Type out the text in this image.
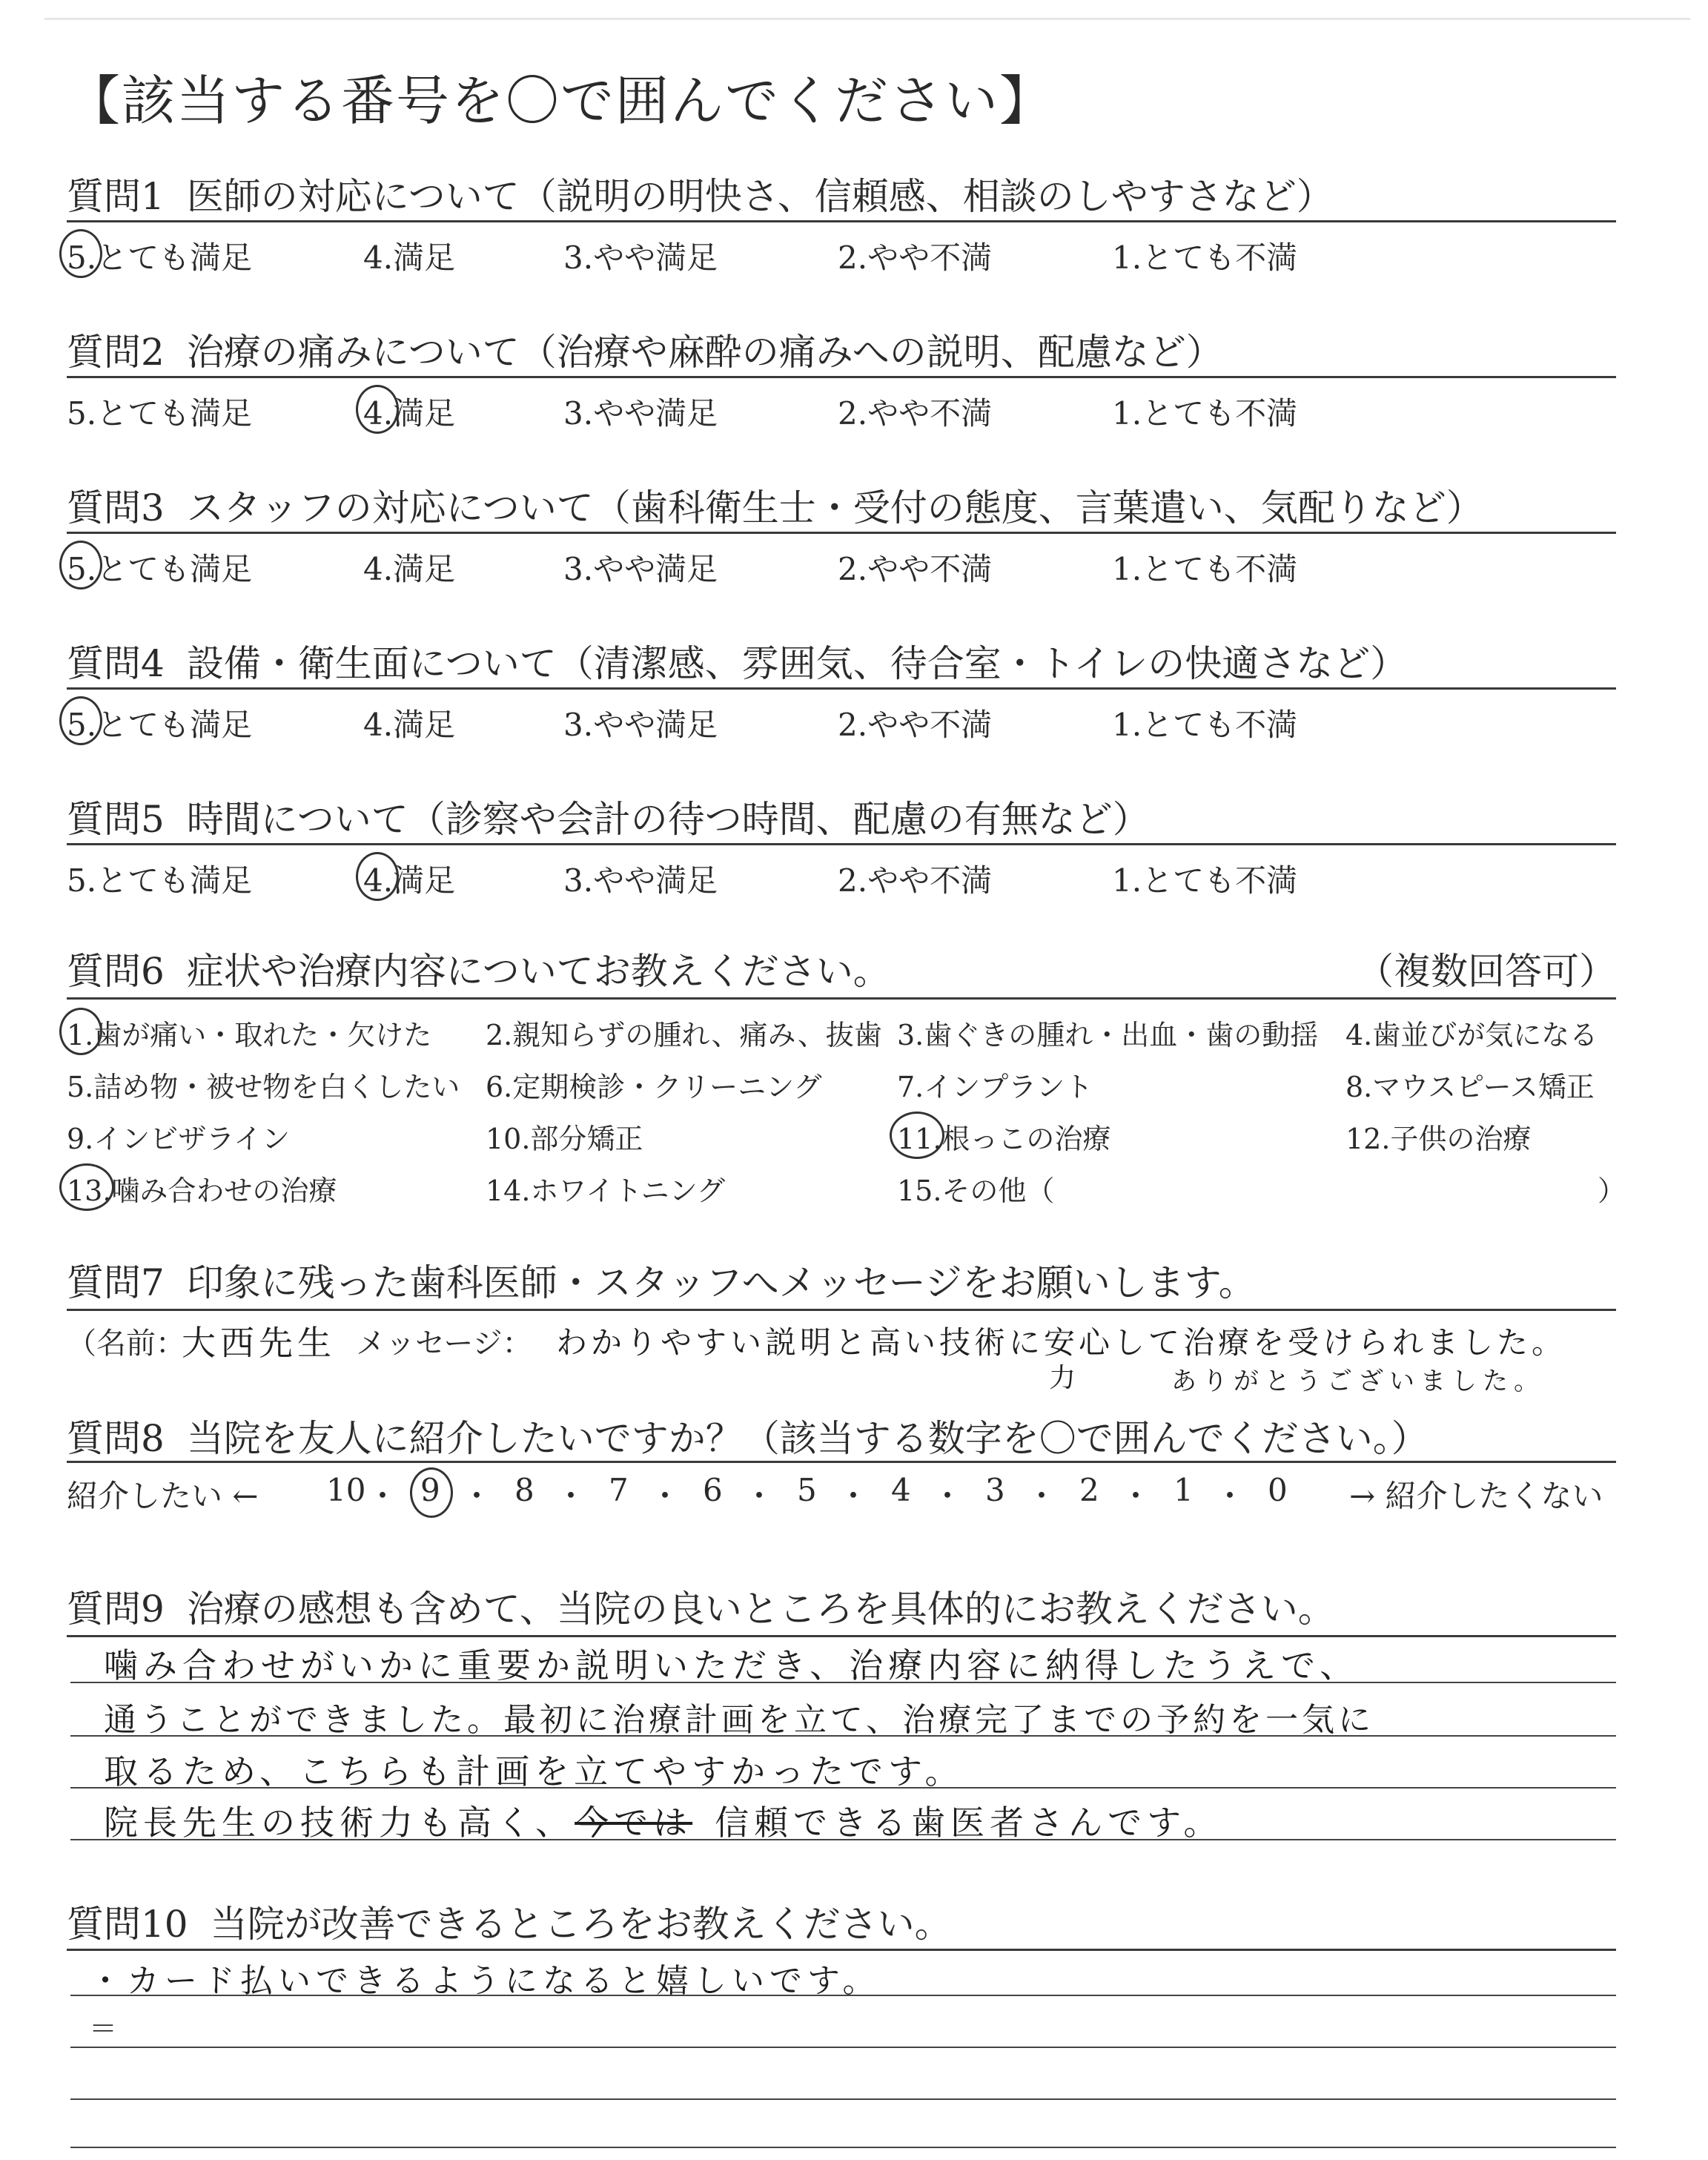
【該当する番号を〇で囲んでください】
質問1 医師の対応について（説明の明快さ、信頼感、相談のしやすさなど）
5.とても満足	4.満足	3.やや満足	2.やや不満	1.とても不満
質問2 治療の痛みについて（治療や麻酔の痛みへの説明、配慮など）
5.とても満足	4.満足	3.やや満足	2.やや不満	1.とても不満
質問3 スタッフの対応について（歯科衛生士・受付の態度、言葉遣い、気配りなど）
5.とても満足	4.満足	3.やや満足	2.やや不満	1.とても不満
質問4 設備・衛生面について（清潔感、雰囲気、待合室・トイレの快適さなど）
5.とても満足	4.満足	3.やや満足	2.やや不満	1.とても不満
質問5 時間について（診察や会計の待つ時間、配慮の有無など）
5.とても満足	4.満足	3.やや満足	2.やや不満	1.とても不満
質問6 症状や治療内容についてお教えください。	（複数回答可）
1.歯が痛い・取れた・欠けた 2.親知らずの腫れ、痛み、抜歯 3.歯ぐきの腫れ・出血・歯の動揺 4.歯並びが気になる
5.詰め物・被せ物を白くしたい 6.定期検診・クリーニング	7.インプラント	8.マウスピース矯正
9.インビザライン	10.部分矯正	11.根っこの治療	12.子供の治療
13.噛み合わせの治療	14.ホワイトニング	15.その他（	）
質問7 印象に残った歯科医師・スタッフへメッセージをお願いします。
（名前：
大西先生 メッセージ： わかりやすい説明と高い技術に安心して治療を受けられました。
力	ありがとうございました。
質問8 当院を友人に紹介したいですか？（該当する数字を〇で囲んでください。）
紹介したい ←	→ 紹介したくない
10 ・ 9 ・ 8 ・ 7 ・ 6 ・ 5 ・ 4 ・ 3 ・ 2 ・ 1 ・ 0
質問9 治療の感想も含めて、当院の良いところを具体的にお教えください。
噛み合わせがいかに重要か説明いただき、治療内容に納得したうえで、
通うことができました。最初に治療計画を立て、治療完了までの予約を一気に
取るため、こちらも計画を立てやすかったです。
院長先生の技術力も高く、今では 信頼できる歯医者さんです。
質問10 当院が改善できるところをお教えください。
・カード払いできるようになると嬉しいです。
＝
